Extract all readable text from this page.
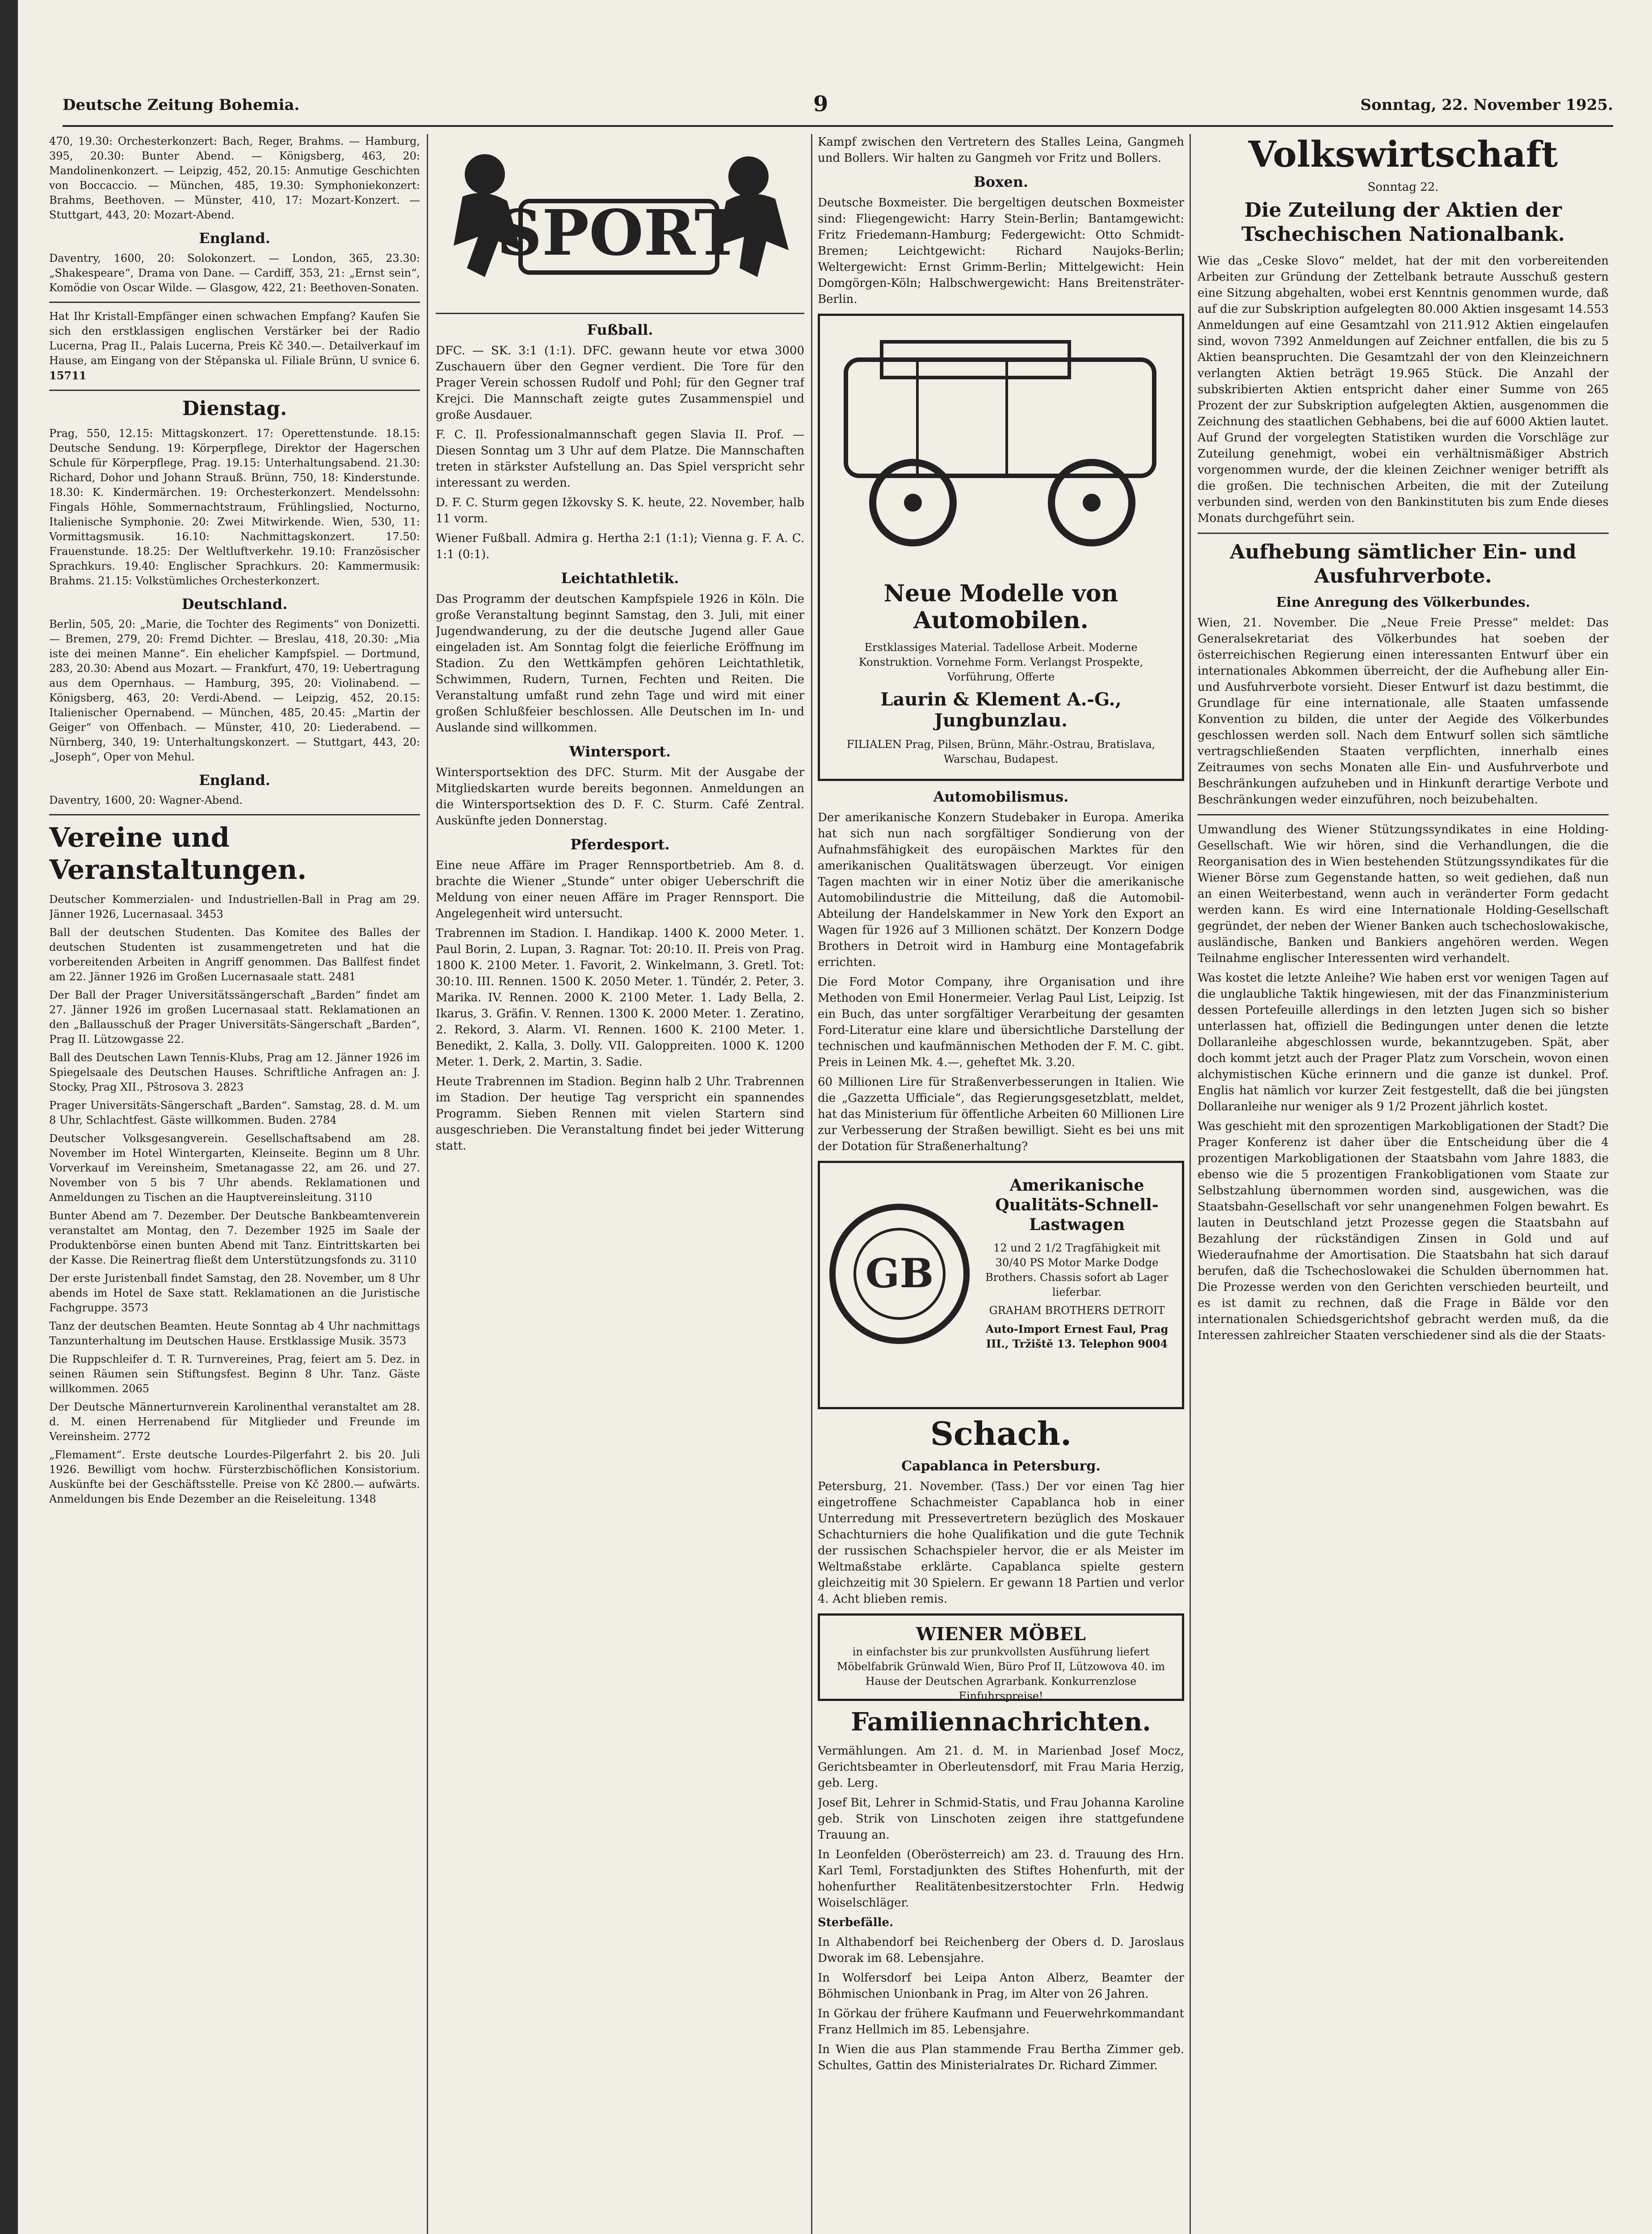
Deutsche Zeitung Bohemia.	9	Sonntag, 22. November 1925.

470, 19.30: Orchesterkonzert: Bach, Reger, Brahms. — Hamburg, 395, 20.30: Bunter Abend. — Königsberg, 463, 20: Mandolinenkonzert. — Leipzig, 452, 20.15: Anmutige Geschichten von Boccaccio. — München, 485, 19.30: Symphoniekonzert: Brahms, Beethoven. — Münster, 410, 17: Mozart-Konzert. — Stuttgart, 443, 20: Mozart-Abend.

England.

Daventry, 1600, 20: Solokonzert. — London, 365, 23.30: „Shakespeare“, Drama von Dane. — Cardiff, 353, 21: „Ernst sein“, Komödie von Oscar Wilde. — Glasgow, 422, 21: Beethoven-Sonaten.

Hat Ihr Kristall-Empfänger einen schwachen Empfang? Kaufen Sie sich den erstklassigen englischen Verstärker bei der Radio Lucerna, Prag II., Palais Lucerna, Preis Kč 340.—. Detailverkauf im Hause, am Eingang von der Stěpanska ul. Filiale Brünn, U svnice 6. 15711

Dienstag.

Prag, 550, 12.15: Mittagskonzert. 17: Operettenstunde. 18.15: Deutsche Sendung. 19: Körperpflege, Direktor der Hagerschen Schule für Körperpflege, Prag. 19.15: Unterhaltungsabend. 21.30: Richard, Dohor und Johann Strauß. Brünn, 750, 18: Kinderstunde. 18.30: K. Kindermärchen. 19: Orchesterkonzert. Mendelssohn: Fingals Höhle, Sommernachtstraum, Frühlingslied, Nocturno, Italienische Symphonie. 20: Zwei Mitwirkende. Wien, 530, 11: Vormittagsmusik. 16.10: Nachmittagskonzert. 17.50: Frauenstunde. 18.25: Der Weltluftverkehr. 19.10: Französischer Sprachkurs. 19.40: Englischer Sprachkurs. 20: Kammermusik: Brahms. 21.15: Volkstümliches Orchesterkonzert.

Deutschland.

Berlin, 505, 20: „Marie, die Tochter des Regiments“ von Donizetti. — Bremen, 279, 20: Fremd Dichter. — Breslau, 418, 20.30: „Mia iste dei meinen Manne“. Ein ehelicher Kampfspiel. — Dortmund, 283, 20.30: Abend aus Mozart. — Frankfurt, 470, 19: Uebertragung aus dem Opernhaus. — Hamburg, 395, 20: Violinabend. — Königsberg, 463, 20: Verdi-Abend. — Leipzig, 452, 20.15: Italienischer Opernabend. — München, 485, 20.45: „Martin der Geiger“ von Offenbach. — Münster, 410, 20: Liederabend. — Nürnberg, 340, 19: Unterhaltungskonzert. — Stuttgart, 443, 20: „Joseph“, Oper von Mehul.

England.

Daventry, 1600, 20: Wagner-Abend.

Vereine und Veranstaltungen.

Deutscher Kommerzialen- und Industriellen-Ball in Prag am 29. Jänner 1926, Lucernasaal. 3453

Ball der deutschen Studenten. Das Komitee des Balles der deutschen Studenten ist zusammengetreten und hat die vorbereitenden Arbeiten in Angriff genommen. Das Ballfest findet am 22. Jänner 1926 im Großen Lucernasaale statt. 2481

Der Ball der Prager Universitätssängerschaft „Barden“ findet am 27. Jänner 1926 im großen Lucernasaal statt. Reklamationen an den „Ballausschuß der Prager Universitäts-Sängerschaft „Barden“, Prag II. Lützowgasse 22.

Ball des Deutschen Lawn Tennis-Klubs, Prag am 12. Jänner 1926 im Spiegelsaale des Deutschen Hauses. Schriftliche Anfragen an: J. Stocky, Prag XII., Pštrosova 3. 2823

Prager Universitäts-Sängerschaft „Barden“. Samstag, 28. d. M. um 8 Uhr, Schlachtfest. Gäste willkommen. Buden. 2784

Deutscher Volksgesangverein. Gesellschaftsabend am 28. November im Hotel Wintergarten, Kleinseite. Beginn um 8 Uhr. Vorverkauf im Vereinsheim, Smetanagasse 22, am 26. und 27. November von 5 bis 7 Uhr abends. Reklamationen und Anmeldungen zu Tischen an die Hauptvereinsleitung. 3110

Bunter Abend am 7. Dezember. Der Deutsche Bankbeamtenverein veranstaltet am Montag, den 7. Dezember 1925 im Saale der Produktenbörse einen bunten Abend mit Tanz. Eintrittskarten bei der Kasse. Die Reinertrag fließt dem Unterstützungsfonds zu. 3110

Der erste Juristenball findet Samstag, den 28. November, um 8 Uhr abends im Hotel de Saxe statt. Reklamationen an die Juristische Fachgruppe. 3573

Tanz der deutschen Beamten. Heute Sonntag ab 4 Uhr nachmittags Tanzunterhaltung im Deutschen Hause. Erstklassige Musik. 3573

Die Ruppschleifer d. T. R. Turnvereines, Prag, feiert am 5. Dez. in seinen Räumen sein Stiftungsfest. Beginn 8 Uhr. Tanz. Gäste willkommen. 2065

Der Deutsche Männerturnverein Karolinenthal veranstaltet am 28. d. M. einen Herrenabend für Mitglieder und Freunde im Vereinsheim. 2772

„Flemament“. Erste deutsche Lourdes-Pilgerfahrt 2. bis 20. Juli 1926. Bewilligt vom hochw. Fürsterzbischöflichen Konsistorium. Auskünfte bei der Geschäftsstelle. Preise von Kč 2800.— aufwärts. Anmeldungen bis Ende Dezember an die Reiseleitung. 1348

SPORT
Fußball.

DFC. — SK. 3:1 (1:1). DFC. gewann heute vor etwa 3000 Zuschauern über den Gegner verdient. Die Tore für den Prager Verein schossen Rudolf und Pohl; für den Gegner traf Krejci. Die Mannschaft zeigte gutes Zusammenspiel und große Ausdauer.

F. C. Il. Professionalmannschaft gegen Slavia II. Prof. — Diesen Sonntag um 3 Uhr auf dem Platze. Die Mannschaften treten in stärkster Aufstellung an. Das Spiel verspricht sehr interessant zu werden.

D. F. C. Sturm gegen Ižkovsky S. K. heute, 22. November, halb 11 vorm.

Wiener Fußball. Admira g. Hertha 2:1 (1:1); Vienna g. F. A. C. 1:1 (0:1).

Leichtathletik.

Das Programm der deutschen Kampfspiele 1926 in Köln. Die große Veranstaltung beginnt Samstag, den 3. Juli, mit einer Jugendwanderung, zu der die deutsche Jugend aller Gaue eingeladen ist. Am Sonntag folgt die feierliche Eröffnung im Stadion. Zu den Wettkämpfen gehören Leichtathletik, Schwimmen, Rudern, Turnen, Fechten und Reiten. Die Veranstaltung umfaßt rund zehn Tage und wird mit einer großen Schlußfeier beschlossen. Alle Deutschen im In- und Auslande sind willkommen.

Wintersport.

Wintersportsektion des DFC. Sturm. Mit der Ausgabe der Mitgliedskarten wurde bereits begonnen. Anmeldungen an die Wintersportsektion des D. F. C. Sturm. Café Zentral. Auskünfte jeden Donnerstag.

Pferdesport.

Eine neue Affäre im Prager Rennsportbetrieb. Am 8. d. brachte die Wiener „Stunde“ unter obiger Ueberschrift die Meldung von einer neuen Affäre im Prager Rennsport. Die Angelegenheit wird untersucht.

Trabrennen im Stadion. I. Handikap. 1400 K. 2000 Meter. 1. Paul Borin, 2. Lupan, 3. Ragnar. Tot: 20:10. II. Preis von Prag. 1800 K. 2100 Meter. 1. Favorit, 2. Winkelmann, 3. Gretl. Tot: 30:10. III. Rennen. 1500 K. 2050 Meter. 1. Tündér, 2. Peter, 3. Marika. IV. Rennen. 2000 K. 2100 Meter. 1. Lady Bella, 2. Ikarus, 3. Gräfin. V. Rennen. 1300 K. 2000 Meter. 1. Zeratino, 2. Rekord, 3. Alarm. VI. Rennen. 1600 K. 2100 Meter. 1. Benedikt, 2. Kalla, 3. Dolly. VII. Galoppreiten. 1000 K. 1200 Meter. 1. Derk, 2. Martin, 3. Sadie.

Heute Trabrennen im Stadion. Beginn halb 2 Uhr. Trabrennen im Stadion. Der heutige Tag verspricht ein spannendes Programm. Sieben Rennen mit vielen Startern sind ausgeschrieben. Die Veranstaltung findet bei jeder Witterung statt.

Kampf zwischen den Vertretern des Stalles Leina, Gangmeh und Bollers. Wir halten zu Gangmeh vor Fritz und Bollers.

Boxen.

Deutsche Boxmeister. Die bergeltigen deutschen Boxmeister sind: Fliegengewicht: Harry Stein-Berlin; Bantamgewicht: Fritz Friedemann-Hamburg; Federgewicht: Otto Schmidt-Bremen; Leichtgewicht: Richard Naujoks-Berlin; Weltergewicht: Ernst Grimm-Berlin; Mittelgewicht: Hein Domgörgen-Köln; Halbschwergewicht: Hans Breitensträter-Berlin.

Neue Modelle von Automobilen.

Erstklassiges Material. Tadellose Arbeit. Moderne Konstruktion. Vornehme Form. Verlangst Prospekte, Vorführung, Offerte

Laurin & Klement A.-G., Jungbunzlau.

FILIALEN Prag, Pilsen, Brünn, Mähr.-Ostrau, Bratislava, Warschau, Budapest.

Automobilismus.

Der amerikanische Konzern Studebaker in Europa. Amerika hat sich nun nach sorgfältiger Sondierung von der Aufnahmsfähigkeit des europäischen Marktes für den amerikanischen Qualitätswagen überzeugt. Vor einigen Tagen machten wir in einer Notiz über die amerikanische Automobilindustrie die Mitteilung, daß die Automobil-Abteilung der Handelskammer in New York den Export an Wagen für 1926 auf 3 Millionen schätzt. Der Konzern Dodge Brothers in Detroit wird in Hamburg eine Montagefabrik errichten.

Die Ford Motor Company, ihre Organisation und ihre Methoden von Emil Honermeier. Verlag Paul List, Leipzig. Ist ein Buch, das unter sorgfältiger Verarbeitung der gesamten Ford-Literatur eine klare und übersichtliche Darstellung der technischen und kaufmännischen Methoden der F. M. C. gibt. Preis in Leinen Mk. 4.—, geheftet Mk. 3.20.

60 Millionen Lire für Straßenverbesserungen in Italien. Wie die „Gazzetta Ufficiale“, das Regierungsgesetzblatt, meldet, hat das Ministerium für öffentliche Arbeiten 60 Millionen Lire zur Verbesserung der Straßen bewilligt. Sieht es bei uns mit der Dotation für Straßenerhaltung?

GB
Amerikanische Qualitäts-Schnell-Lastwagen

12 und 2 1/2 Tragfähigkeit mit 30/40 PS Motor Marke Dodge Brothers. Chassis sofort ab Lager lieferbar.

GRAHAM BROTHERS DETROIT

Auto-Import Ernest Faul, Prag III., Tržiště 13. Telephon 9004

Schach.
Capablanca in Petersburg.

Petersburg, 21. November. (Tass.) Der vor einen Tag hier eingetroffene Schachmeister Capablanca hob in einer Unterredung mit Pressevertretern bezüglich des Moskauer Schachturniers die hohe Qualifikation und die gute Technik der russischen Schachspieler hervor, die er als Meister im Weltmaßstabe erklärte. Capablanca spielte gestern gleichzeitig mit 30 Spielern. Er gewann 18 Partien und verlor 4. Acht blieben remis.

WIENER MÖBEL

in einfachster bis zur prunkvollsten Ausführung liefert Möbelfabrik Grünwald Wien, Büro Prof II, Lützowova 40. im Hause der Deutschen Agrarbank. Konkurrenzlose Einfuhrspreise!

Familiennachrichten.

Vermählungen. Am 21. d. M. in Marienbad Josef Mocz, Gerichtsbeamter in Oberleutensdorf, mit Frau Maria Herzig, geb. Lerg.

Josef Bit, Lehrer in Schmid-Statis, und Frau Johanna Karoline geb. Strik von Linschoten zeigen ihre stattgefundene Trauung an.

In Leonfelden (Oberösterreich) am 23. d. Trauung des Hrn. Karl Teml, Forstadjunkten des Stiftes Hohenfurth, mit der hohenfurther Realitätenbesitzerstochter Frln. Hedwig Woiselschläger.

Sterbefälle.

In Althabendorf bei Reichenberg der Obers d. D. Jaroslaus Dworak im 68. Lebensjahre.

In Wolfersdorf bei Leipa Anton Alberz, Beamter der Böhmischen Unionbank in Prag, im Alter von 26 Jahren.

In Görkau der frühere Kaufmann und Feuerwehrkommandant Franz Hellmich im 85. Lebensjahre.

In Wien die aus Plan stammende Frau Bertha Zimmer geb. Schultes, Gattin des Ministerialrates Dr. Richard Zimmer.

Volkswirtschaft
Sonntag 22.
Die Zuteilung der Aktien der Tschechischen Nationalbank.

Wie das „Ceske Slovo“ meldet, hat der mit den vorbereitenden Arbeiten zur Gründung der Zettelbank betraute Ausschuß gestern eine Sitzung abgehalten, wobei erst Kenntnis genommen wurde, daß auf die zur Subskription aufgelegten 80.000 Aktien insgesamt 14.553 Anmeldungen auf eine Gesamtzahl von 211.912 Aktien eingelaufen sind, wovon 7392 Anmeldungen auf Zeichner entfallen, die bis zu 5 Aktien beanspruchten. Die Gesamtzahl der von den Kleinzeichnern verlangten Aktien beträgt 19.965 Stück. Die Anzahl der subskribierten Aktien entspricht daher einer Summe von 265 Prozent der zur Subskription aufgelegten Aktien, ausgenommen die Zeichnung des staatlichen Gebhabens, bei die auf 6000 Aktien lautet. Auf Grund der vorgelegten Statistiken wurden die Vorschläge zur Zuteilung genehmigt, wobei ein verhältnismäßiger Abstrich vorgenommen wurde, der die kleinen Zeichner weniger betrifft als die großen. Die technischen Arbeiten, die mit der Zuteilung verbunden sind, werden von den Bankinstituten bis zum Ende dieses Monats durchgeführt sein.

Aufhebung sämtlicher Ein- und Ausfuhrverbote.
Eine Anregung des Völkerbundes.

Wien, 21. November. Die „Neue Freie Presse“ meldet: Das Generalsekretariat des Völkerbundes hat soeben der österreichischen Regierung einen interessanten Entwurf über ein internationales Abkommen überreicht, der die Aufhebung aller Ein- und Ausfuhrverbote vorsieht. Dieser Entwurf ist dazu bestimmt, die Grundlage für eine internationale, alle Staaten umfassende Konvention zu bilden, die unter der Aegide des Völkerbundes geschlossen werden soll. Nach dem Entwurf sollen sich sämtliche vertragschließenden Staaten verpflichten, innerhalb eines Zeitraumes von sechs Monaten alle Ein- und Ausfuhrverbote und Beschränkungen aufzuheben und in Hinkunft derartige Verbote und Beschränkungen weder einzuführen, noch beizubehalten.

Umwandlung des Wiener Stützungssyndikates in eine Holding-Gesellschaft. Wie wir hören, sind die Verhandlungen, die die Reorganisation des in Wien bestehenden Stützungssyndikates für die Wiener Börse zum Gegenstande hatten, so weit gediehen, daß nun an einen Weiterbestand, wenn auch in veränderter Form gedacht werden kann. Es wird eine Internationale Holding-Gesellschaft gegründet, der neben der Wiener Banken auch tschechoslowakische, ausländische, Banken und Bankiers angehören werden. Wegen Teilnahme englischer Interessenten wird verhandelt.

Was kostet die letzte Anleihe? Wie haben erst vor wenigen Tagen auf die unglaubliche Taktik hingewiesen, mit der das Finanzministerium dessen Portefeuille allerdings in den letzten Jugen sich so bisher unterlassen hat, offiziell die Bedingungen unter denen die letzte Dollaranleihe abgeschlossen wurde, bekanntzugeben. Spät, aber doch kommt jetzt auch der Prager Platz zum Vorschein, wovon einen alchymistischen Küche erinnern und die ganze ist dunkel. Prof. Englis hat nämlich vor kurzer Zeit festgestellt, daß die bei jüngsten Dollaranleihe nur weniger als 9 1/2 Prozent jährlich kostet.

Was geschieht mit den sprozentigen Markobligationen der Stadt? Die Prager Konferenz ist daher über die Entscheidung über die 4 prozentigen Markobligationen der Staatsbahn vom Jahre 1883, die ebenso wie die 5 prozentigen Frankobligationen vom Staate zur Selbstzahlung übernommen worden sind, ausgewichen, was die Staatsbahn-Gesellschaft vor sehr unangenehmen Folgen bewahrt. Es lauten in Deutschland jetzt Prozesse gegen die Staatsbahn auf Bezahlung der rückständigen Zinsen in Gold und auf Wiederaufnahme der Amortisation. Die Staatsbahn hat sich darauf berufen, daß die Tschechoslowakei die Schulden übernommen hat. Die Prozesse werden von den Gerichten verschieden beurteilt, und es ist damit zu rechnen, daß die Frage in Bälde vor den internationalen Schiedsgerichtshof gebracht werden muß, da die Interessen zahlreicher Staaten verschiedener sind als die der Staats-
